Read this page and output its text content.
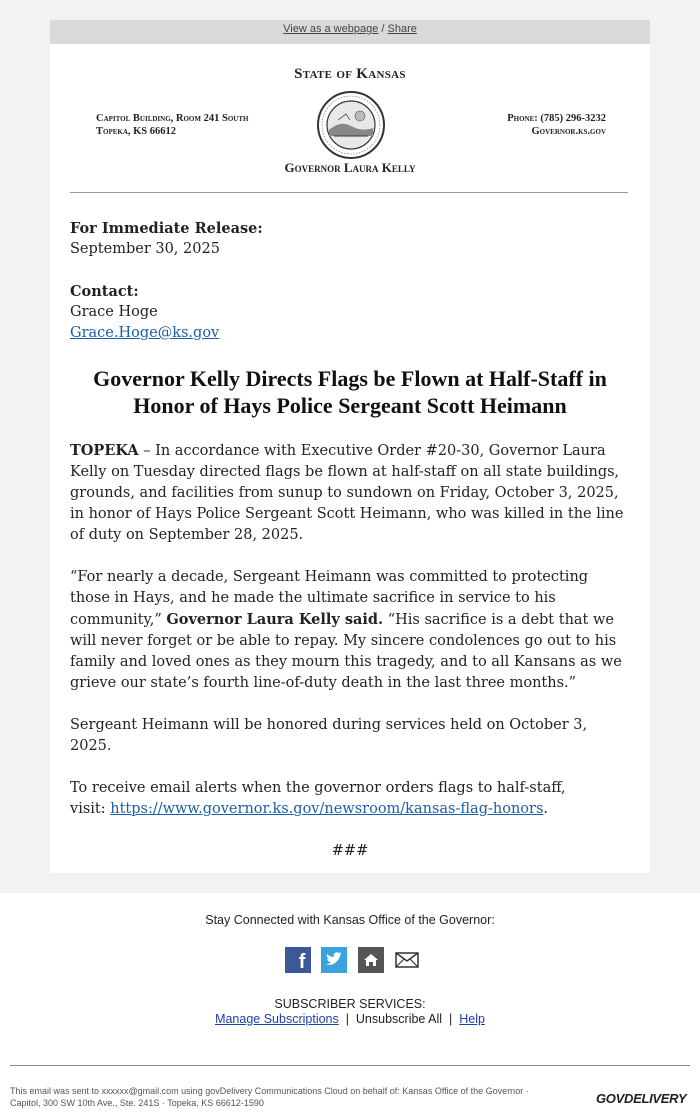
View as a webpage / Share
State of Kansas
Capitol Building, Room 241 South
Topeka, KS 66612
Phone: (785) 296-3232
Governor.ks.gov
Governor Laura Kelly

For Immediate Release:

September 30, 2025

Contact:

Grace Hoge

Grace.Hoge@ks.gov

Governor Kelly Directs Flags be Flown at Half-Staff in Honor of Hays Police Sergeant Scott Heimann

TOPEKA – In accordance with Executive Order #20-30, Governor Laura Kelly on Tuesday directed flags be flown at half-staff on all state buildings, grounds, and facilities from sunup to sundown on Friday, October 3, 2025, in honor of Hays Police Sergeant Scott Heimann, who was killed in the line of duty on September 28, 2025.

“For nearly a decade, Sergeant Heimann was committed to protecting those in Hays, and he made the ultimate sacrifice in service to his community,” Governor Laura Kelly said. “His sacrifice is a debt that we will never forget or be able to repay. My sincere condolences go out to his family and loved ones as they mourn this tragedy, and to all Kansans as we grieve our state’s fourth line-of-duty death in the last three months.”

Sergeant Heimann will be honored during services held on October 3, 2025.

To receive email alerts when the governor orders flags to half-staff,

visit: https://www.governor.ks.gov/newsroom/kansas-flag-honors.

###

Stay Connected with Kansas Office of the Governor:
f
SUBSCRIBER SERVICES:
Manage Subscriptions | Unsubscribe All | Help
This email was sent to xxxxxx@gmail.com using govDelivery Communications Cloud on behalf of: Kansas Office of the Governor ·
Capitol, 300 SW 10th Ave., Ste. 241S · Topeka, KS 66612-1590	GOVDELIVERY
